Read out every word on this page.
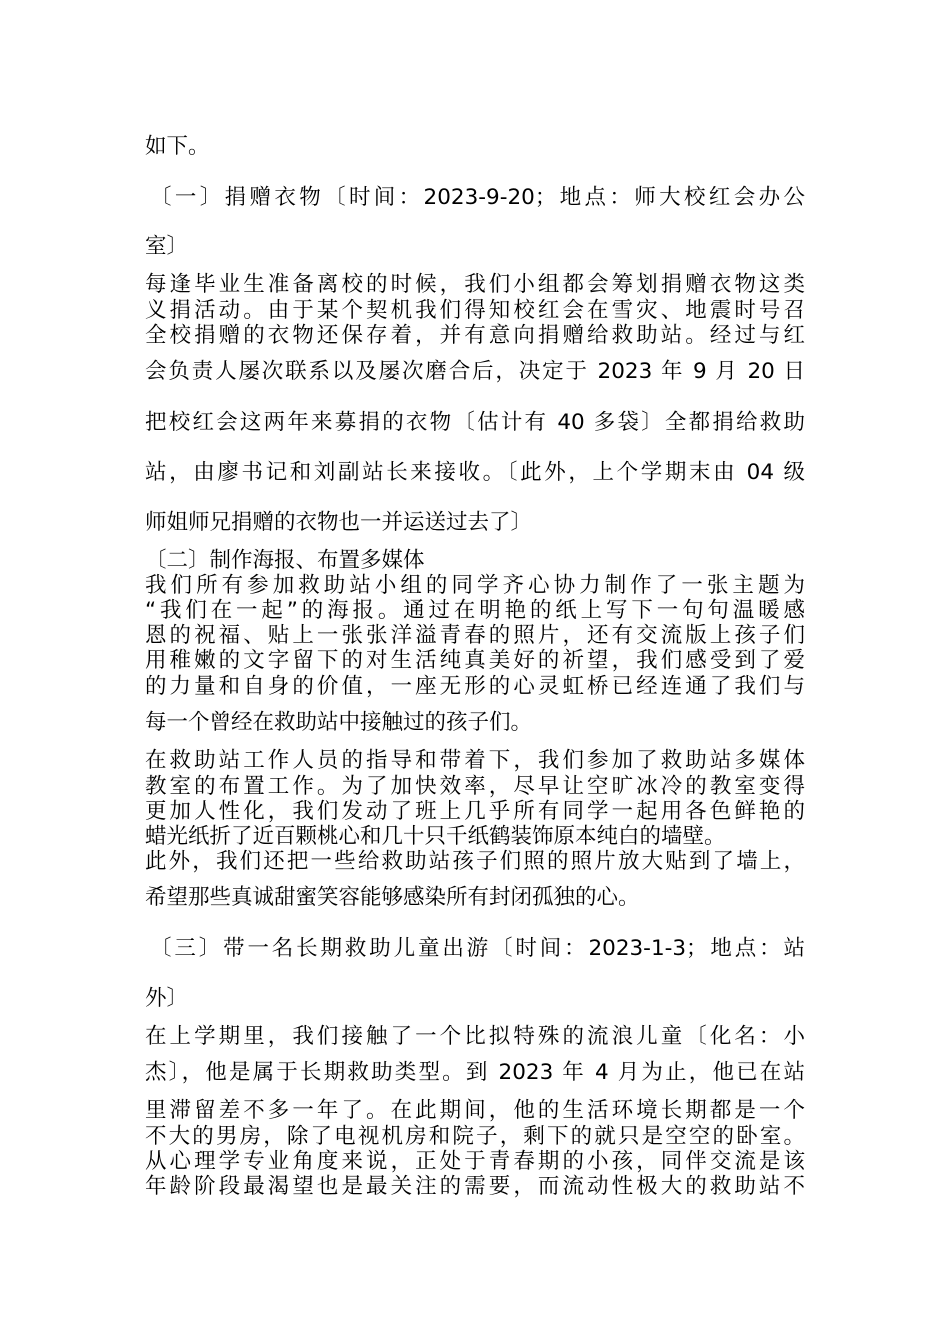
如下。

〔一〕捐赠衣物〔时间：2023-9-20；地点：师大校红会办公

室〕

每逢毕业生准备离校的时候，我们小组都会筹划捐赠衣物这类

义捐活动。由于某个契机我们得知校红会在雪灾、地震时号召

全校捐赠的衣物还保存着，并有意向捐赠给救助站。经过与红

会负责人屡次联系以及屡次磨合后，决定于 2023 年 9 月 20 日

把校红会这两年来募捐的衣物〔估计有 40 多袋〕全都捐给救助

站，由廖书记和刘副站长来接收。〔此外，上个学期末由 04 级

师姐师兄捐赠的衣物也一并运送过去了〕

〔二〕制作海报、布置多媒体

我们所有参加救助站小组的同学齐心协力制作了一张主题为

“我们在一起”的海报。通过在明艳的纸上写下一句句温暖感

恩的祝福、贴上一张张洋溢青春的照片，还有交流版上孩子们

用稚嫩的文字留下的对生活纯真美好的祈望，我们感受到了爱

的力量和自身的价值，一座无形的心灵虹桥已经连通了我们与

每一个曾经在救助站中接触过的孩子们。

在救助站工作人员的指导和带着下，我们参加了救助站多媒体

教室的布置工作。为了加快效率，尽早让空旷冰冷的教室变得

更加人性化，我们发动了班上几乎所有同学一起用各色鲜艳的

蜡光纸折了近百颗桃心和几十只千纸鹤装饰原本纯白的墙壁。

此外，我们还把一些给救助站孩子们照的照片放大贴到了墙上，

希望那些真诚甜蜜笑容能够感染所有封闭孤独的心。

〔三〕带一名长期救助儿童出游〔时间：2023-1-3；地点：站

外〕

在上学期里，我们接触了一个比拟特殊的流浪儿童〔化名：小

杰〕，他是属于长期救助类型。到 2023 年 4 月为止，他已在站

里滞留差不多一年了。在此期间，他的生活环境长期都是一个

不大的男房，除了电视机房和院子，剩下的就只是空空的卧室。

从心理学专业角度来说，正处于青春期的小孩，同伴交流是该

年龄阶段最渴望也是最关注的需要，而流动性极大的救助站不
